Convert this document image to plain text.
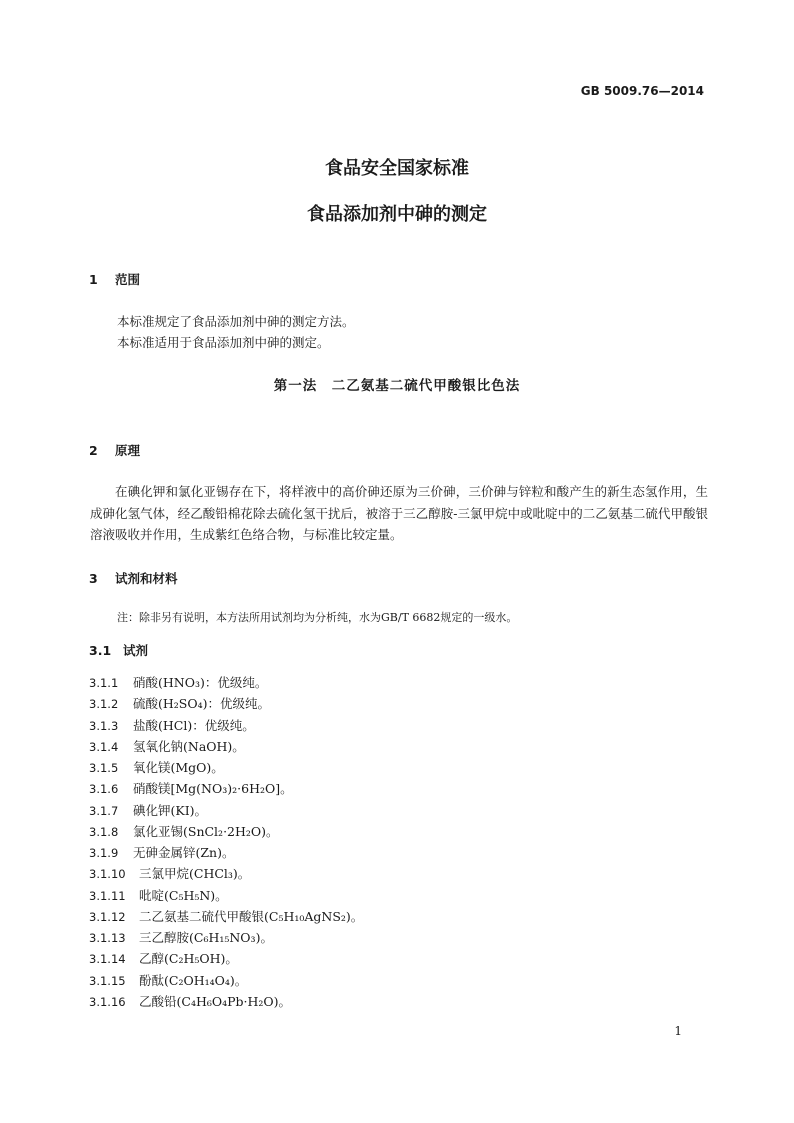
GB 5009.76—2014
食品安全国家标准
食品添加剂中砷的测定
1 范围
本标准规定了食品添加剂中砷的测定方法。
本标准适用于食品添加剂中砷的测定。
第一法　二乙氨基二硫代甲酸银比色法
2 原理
在碘化钾和氯化亚锡存在下，将样液中的高价砷还原为三价砷，三价砷与锌粒和酸产生的新生态氢作用，生成砷化氢气体，经乙酸铅棉花除去硫化氢干扰后，被溶于三乙醇胺-三氯甲烷中或吡啶中的二乙氨基二硫代甲酸银溶液吸收并作用，生成紫红色络合物，与标准比较定量。
3 试剂和材料
注：除非另有说明，本方法所用试剂均为分析纯，水为GB/T 6682规定的一级水。
3.1 试剂
3.1.1 硝酸(HNO₃)：优级纯。
3.1.2 硫酸(H₂SO₄)：优级纯。
3.1.3 盐酸(HCl)：优级纯。
3.1.4 氢氧化钠(NaOH)。
3.1.5 氧化镁(MgO)。
3.1.6 硝酸镁[Mg(NO₃)₂·6H₂O]。
3.1.7 碘化钾(KI)。
3.1.8 氯化亚锡(SnCl₂·2H₂O)。
3.1.9 无砷金属锌(Zn)。
3.1.10 三氯甲烷(CHCl₃)。
3.1.11 吡啶(C₅H₅N)。
3.1.12 二乙氨基二硫代甲酸银(C₅H₁₀AgNS₂)。
3.1.13 三乙醇胺(C₆H₁₅NO₃)。
3.1.14 乙醇(C₂H₅OH)。
3.1.15 酚酞(C₂OH₁₄O₄)。
3.1.16 乙酸铅(C₄H₆O₄Pb·H₂O)。
1
